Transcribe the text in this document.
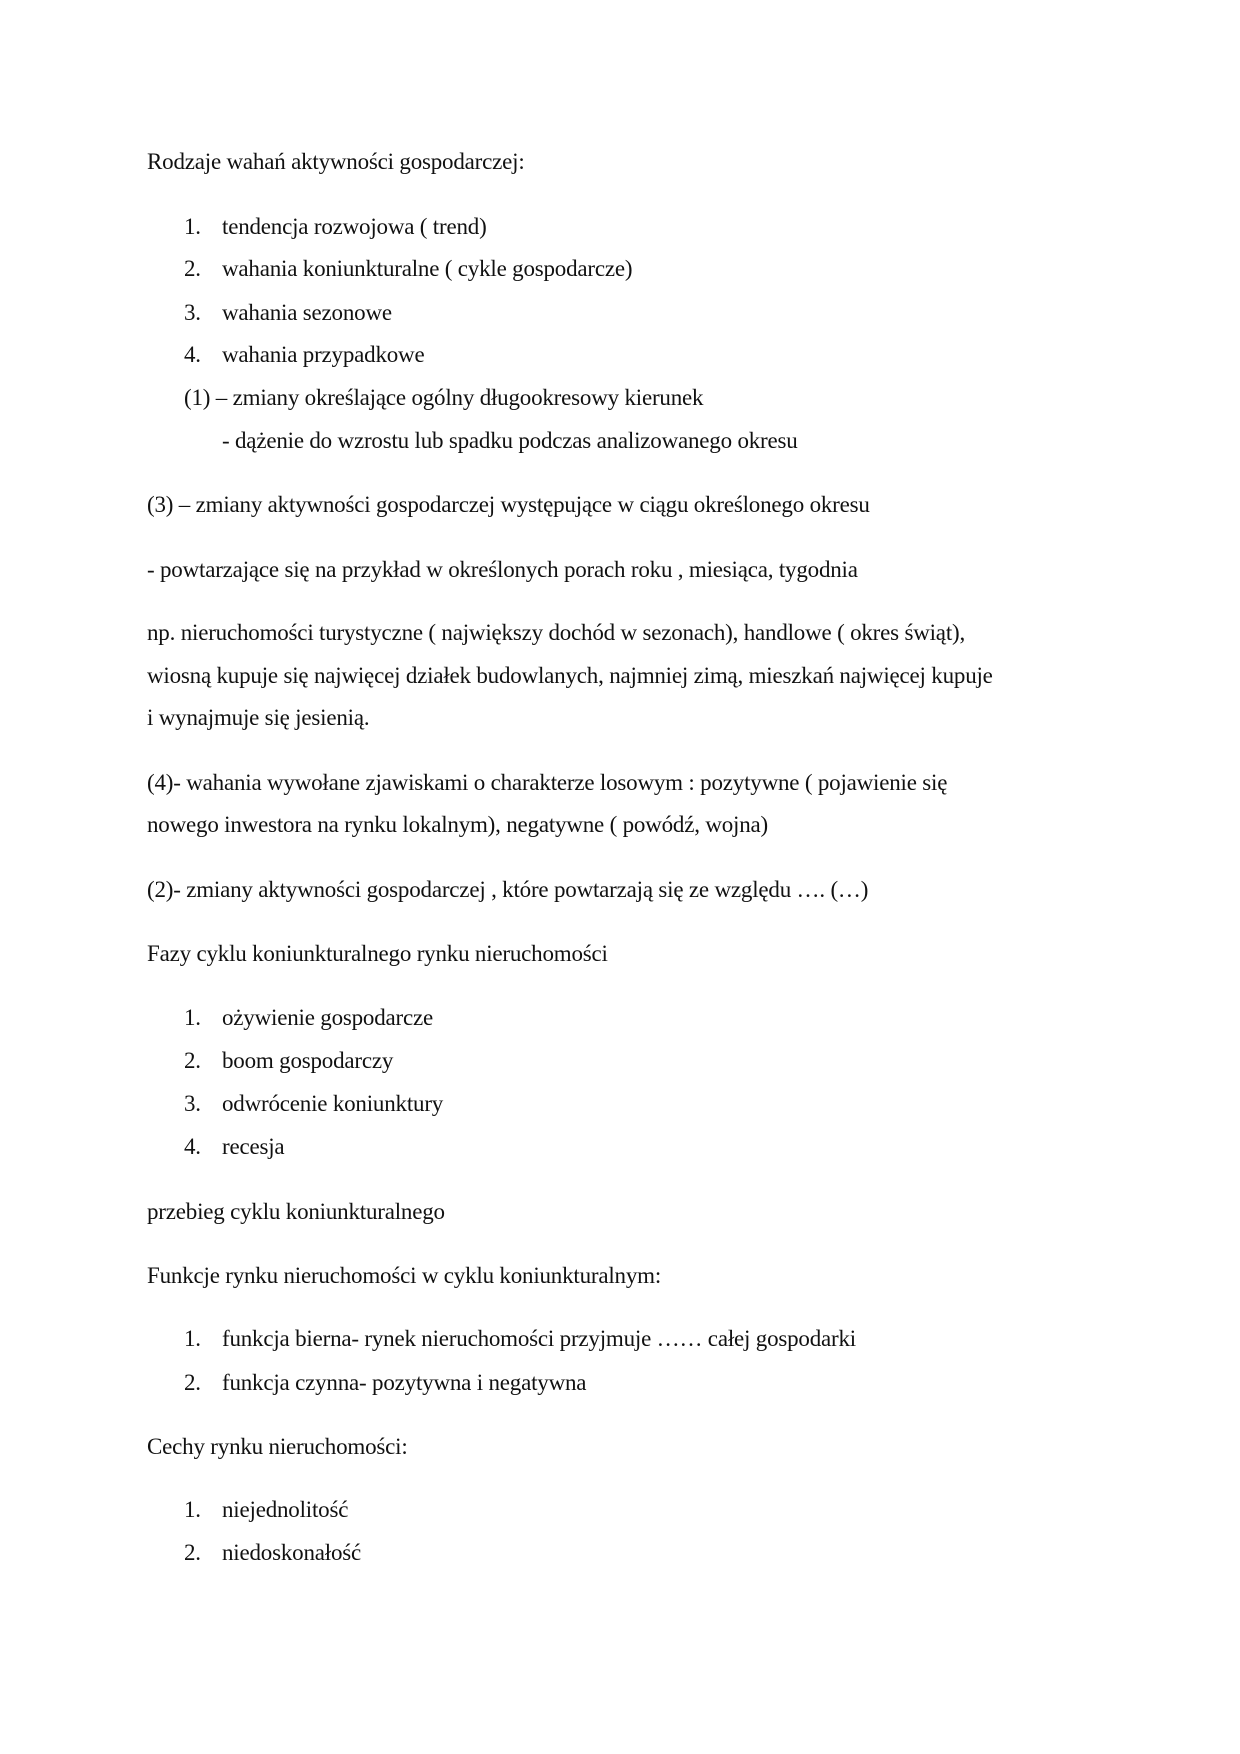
Rodzaje wahań aktywności gospodarczej:
1. tendencja rozwojowa ( trend)
2. wahania koniunkturalne ( cykle gospodarcze)
3. wahania sezonowe
4. wahania przypadkowe
(1) – zmiany określające ogólny długookresowy kierunek
- dążenie do wzrostu lub spadku podczas analizowanego okresu
(3) – zmiany aktywności gospodarczej występujące w ciągu określonego okresu
- powtarzające się na przykład w określonych porach roku , miesiąca, tygodnia
np. nieruchomości turystyczne ( największy dochód w sezonach), handlowe ( okres świąt),
wiosną kupuje się najwięcej działek budowlanych, najmniej zimą, mieszkań najwięcej kupuje
i wynajmuje się jesienią.
(4)- wahania wywołane zjawiskami o charakterze losowym : pozytywne ( pojawienie się
nowego inwestora na rynku lokalnym), negatywne ( powódź, wojna)
(2)- zmiany aktywności gospodarczej , które powtarzają się ze względu …. (…)
Fazy cyklu koniunkturalnego rynku nieruchomości
1. ożywienie gospodarcze
2. boom gospodarczy
3. odwrócenie koniunktury
4. recesja
przebieg cyklu koniunkturalnego
Funkcje rynku nieruchomości w cyklu koniunkturalnym:
1. funkcja bierna- rynek nieruchomości przyjmuje …… całej gospodarki
2. funkcja czynna- pozytywna i negatywna
Cechy rynku nieruchomości:
1. niejednolitość
2. niedoskonałość
